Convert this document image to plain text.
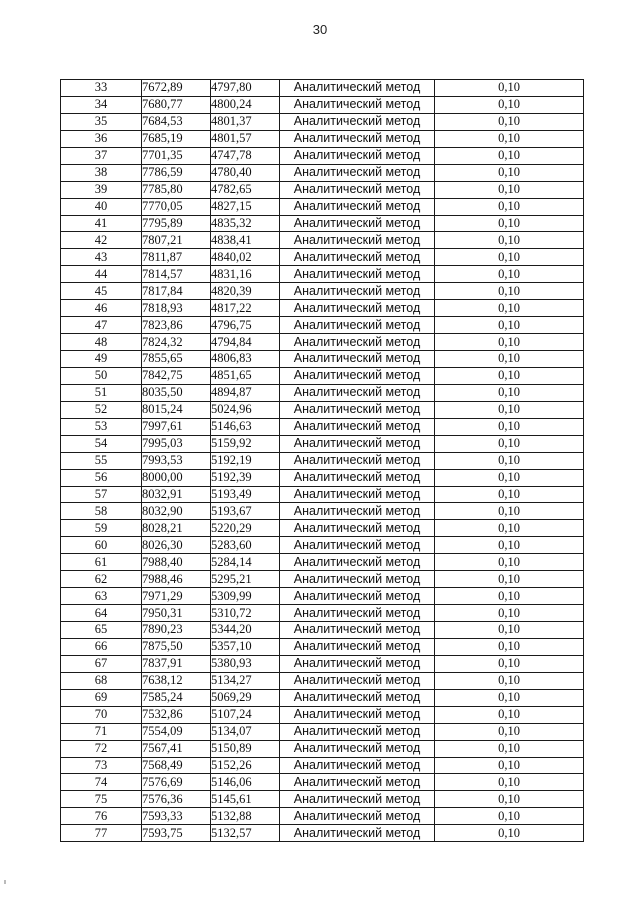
30
33	7672,89	4797,80	Аналитический метод	0,10
34	7680,77	4800,24	Аналитический метод	0,10
35	7684,53	4801,37	Аналитический метод	0,10
36	7685,19	4801,57	Аналитический метод	0,10
37	7701,35	4747,78	Аналитический метод	0,10
38	7786,59	4780,40	Аналитический метод	0,10
39	7785,80	4782,65	Аналитический метод	0,10
40	7770,05	4827,15	Аналитический метод	0,10
41	7795,89	4835,32	Аналитический метод	0,10
42	7807,21	4838,41	Аналитический метод	0,10
43	7811,87	4840,02	Аналитический метод	0,10
44	7814,57	4831,16	Аналитический метод	0,10
45	7817,84	4820,39	Аналитический метод	0,10
46	7818,93	4817,22	Аналитический метод	0,10
47	7823,86	4796,75	Аналитический метод	0,10
48	7824,32	4794,84	Аналитический метод	0,10
49	7855,65	4806,83	Аналитический метод	0,10
50	7842,75	4851,65	Аналитический метод	0,10
51	8035,50	4894,87	Аналитический метод	0,10
52	8015,24	5024,96	Аналитический метод	0,10
53	7997,61	5146,63	Аналитический метод	0,10
54	7995,03	5159,92	Аналитический метод	0,10
55	7993,53	5192,19	Аналитический метод	0,10
56	8000,00	5192,39	Аналитический метод	0,10
57	8032,91	5193,49	Аналитический метод	0,10
58	8032,90	5193,67	Аналитический метод	0,10
59	8028,21	5220,29	Аналитический метод	0,10
60	8026,30	5283,60	Аналитический метод	0,10
61	7988,40	5284,14	Аналитический метод	0,10
62	7988,46	5295,21	Аналитический метод	0,10
63	7971,29	5309,99	Аналитический метод	0,10
64	7950,31	5310,72	Аналитический метод	0,10
65	7890,23	5344,20	Аналитический метод	0,10
66	7875,50	5357,10	Аналитический метод	0,10
67	7837,91	5380,93	Аналитический метод	0,10
68	7638,12	5134,27	Аналитический метод	0,10
69	7585,24	5069,29	Аналитический метод	0,10
70	7532,86	5107,24	Аналитический метод	0,10
71	7554,09	5134,07	Аналитический метод	0,10
72	7567,41	5150,89	Аналитический метод	0,10
73	7568,49	5152,26	Аналитический метод	0,10
74	7576,69	5146,06	Аналитический метод	0,10
75	7576,36	5145,61	Аналитический метод	0,10
76	7593,33	5132,88	Аналитический метод	0,10
77	7593,75	5132,57	Аналитический метод	0,10
